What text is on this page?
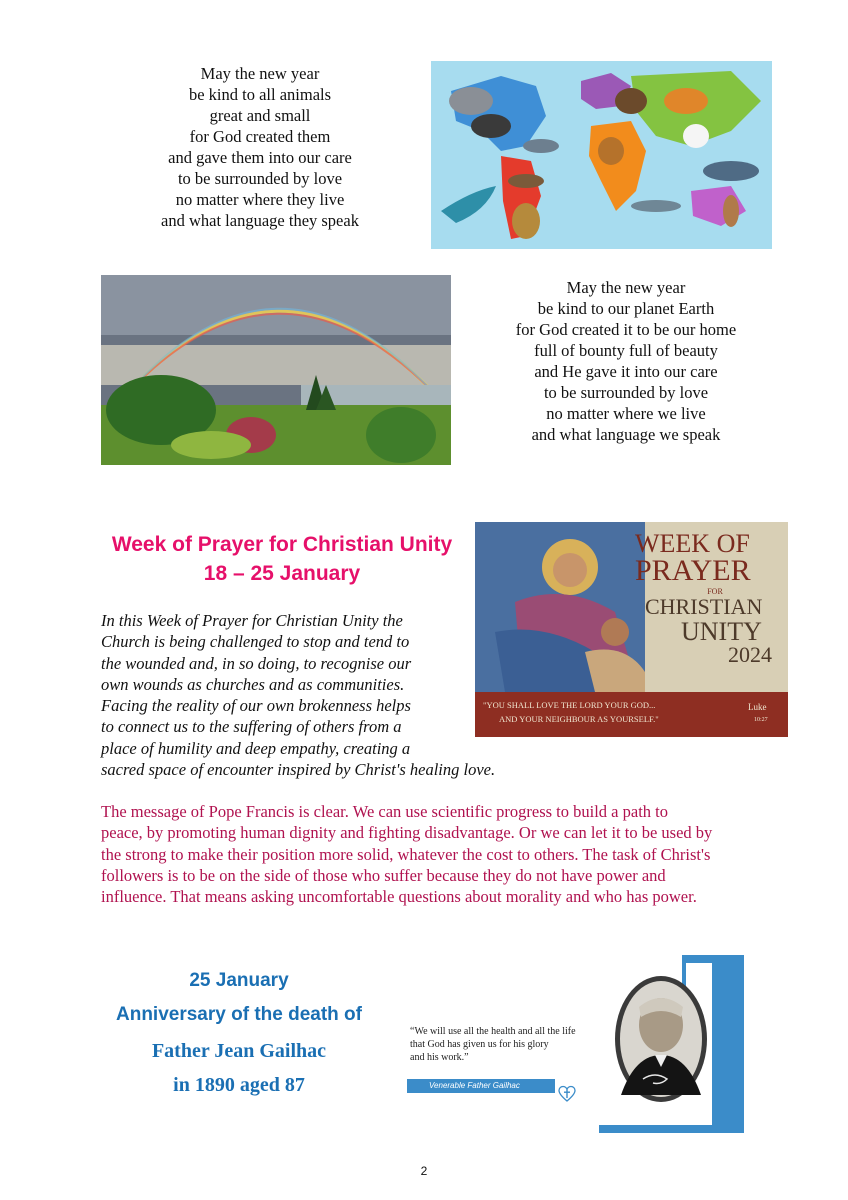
May the new year
be kind to all animals
great and small
for God created them
and gave them into our care
to be surrounded by love
no matter where they live
and what language they speak
May the new year
be kind to our planet Earth
for God created it to be our home
full of bounty full of beauty
and He gave it into our care
to be surrounded by love
no matter where we live
and what language we speak
Week of Prayer for Christian Unity
18 – 25 January
WEEK OF
PRAYER
FOR
CHRISTIAN
UNITY
2024
"YOU SHALL LOVE THE LORD YOUR GOD...
AND YOUR NEIGHBOUR AS YOURSELF."
Luke
10:27
In this Week of Prayer for Christian Unity the
Church is being challenged to stop and tend to
the wounded and, in so doing, to recognise our
own wounds as churches and as communities.
Facing the reality of our own brokenness helps
to connect us to the suffering of others from a
place of humility and deep empathy, creating a
sacred space of encounter inspired by Christ's healing love.
The message of Pope Francis is clear. We can use scientific progress to build a path to
peace, by promoting human dignity and fighting disadvantage. Or we can let it to be used by
the strong to make their position more solid, whatever the cost to others. The task of Christ's
followers is to be on the side of those who suffer because they do not have power and
influence. That means asking uncomfortable questions about morality and who has power.
25 January
Anniversary of the death of
Father Jean Gailhac
in 1890 aged 87
“We will use all the health and all the life
that God has given us for his glory
and his work.”
Venerable Father Gailhac
2
